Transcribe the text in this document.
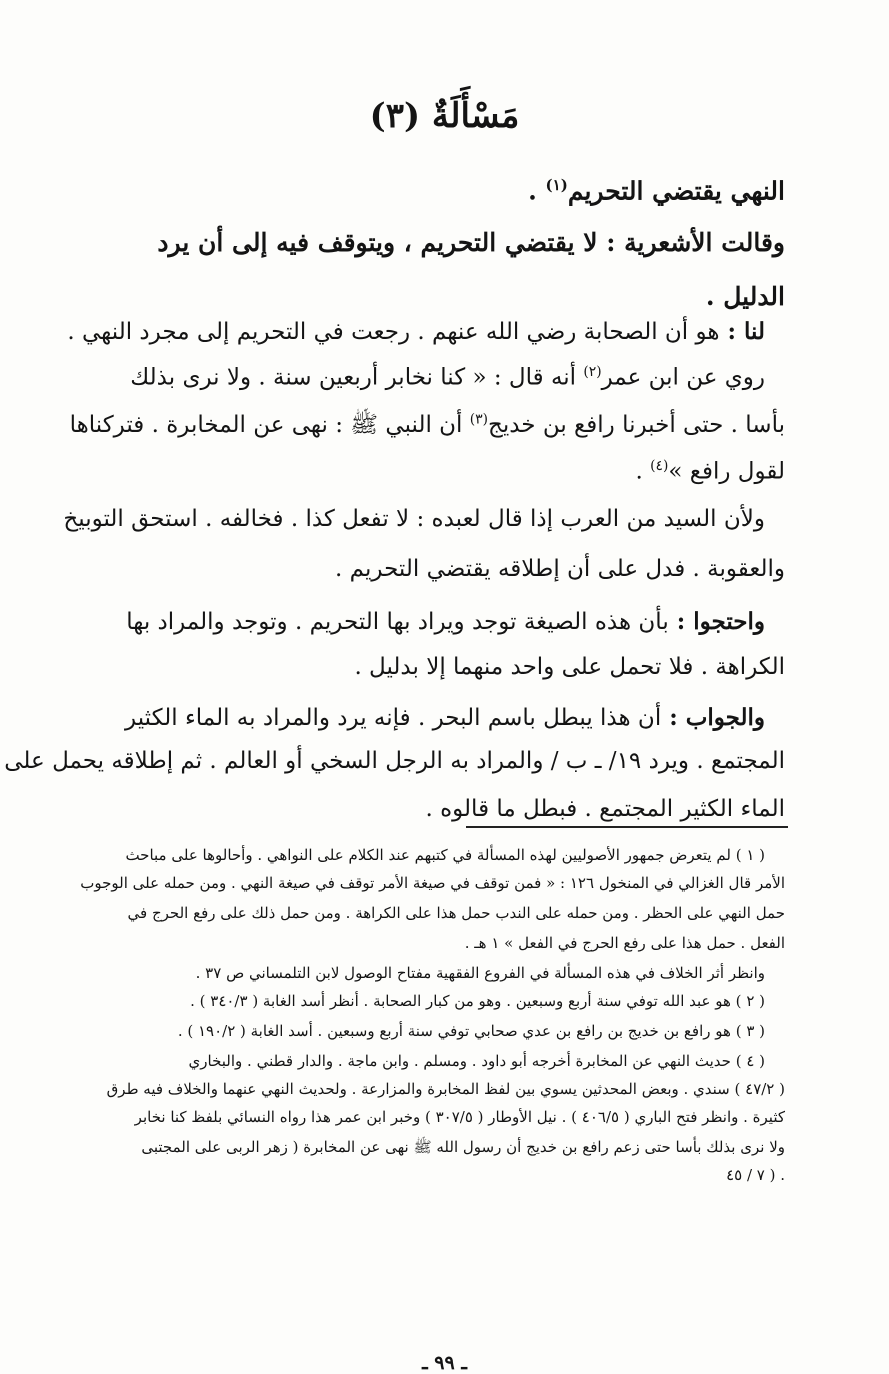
مَسْأَلَةٌ (٣)
النهي يقتضي التحريم$^{(١)}$ .
وقالت الأشعرية : لا يقتضي التحريم ، ويتوقف فيه إلى أن يرد
الدليل .
لنا : هو أن الصحابة رضي الله عنهم . رجعت في التحريم إلى مجرد النهي .
روي عن ابن عمر$^{(٢)}$ أنه قال : « كنا نخابر أربعين سنة . ولا نرى بذلك
بأسا . حتى أخبرنا رافع بن خديج$^{(٣)}$ أن النبي ﷺ : نهى عن المخابرة . فتركناها
لقول رافع »$^{(٤)}$ .
ولأن السيد من العرب إذا قال لعبده : لا تفعل كذا . فخالفه . استحق التوبيخ
والعقوبة . فدل على أن إطلاقه يقتضي التحريم .
واحتجوا : بأن هذه الصيغة توجد ويراد بها التحريم . وتوجد والمراد بها
الكراهة . فلا تحمل على واحد منهما إلا بدليل .
والجواب : أن هذا يبطل باسم البحر . فإنه يرد والمراد به الماء الكثير
المجتمع . ويرد ١٩/ ـ ب / والمراد به الرجل السخي أو العالم . ثم إطلاقه يحمل على
الماء الكثير المجتمع . فبطل ما قالوه .
( ١ ) لم يتعرض جمهور الأصوليين لهذه المسألة في كتبهم عند الكلام على النواهي . وأحالوها على مباحث
الأمر قال الغزالي في المنخول ١٢٦ : « فمن توقف في صيغة الأمر توقف في صيغة النهي . ومن حمله على الوجوب
حمل النهي على الحظر . ومن حمله على الندب حمل هذا على الكراهة . ومن حمل ذلك على رفع الحرج في
الفعل . حمل هذا على رفع الحرج في الفعل » ١ هـ .
وانظر أثر الخلاف في هذه المسألة في الفروع الفقهية مفتاح الوصول لابن التلمساني ص ٣٧ .
( ٢ ) هو عبد الله توفي سنة أربع وسبعين . وهو من كبار الصحابة . أنظر أسد الغابة ( ٣٤٠/٣ ) .
( ٣ ) هو رافع بن خديج بن رافع بن عدي صحابي توفي سنة أربع وسبعين . أسد الغابة ( ١٩٠/٢ ) .
( ٤ ) حديث النهي عن المخابرة أخرجه أبو داود . ومسلم . وابن ماجة . والدار قطني . والبخاري
( ٤٧/٢ ) سندي . وبعض المحدثين يسوي بين لفظ المخابرة والمزارعة . ولحديث النهي عنهما والخلاف فيه طرق
كثيرة . وانظر فتح الباري ( ٤٠٦/٥ ) . نيل الأوطار ( ٣٠٧/٥ ) وخبر ابن عمر هذا رواه النسائي بلفظ كنا نخابر
ولا نرى بذلك بأسا حتى زعم رافع بن خديج أن رسول الله ﷺ نهى عن المخابرة ( زهر الربى على المجتبى
٧ / ٤٥ ) .
ـ ٩٩ ـ
